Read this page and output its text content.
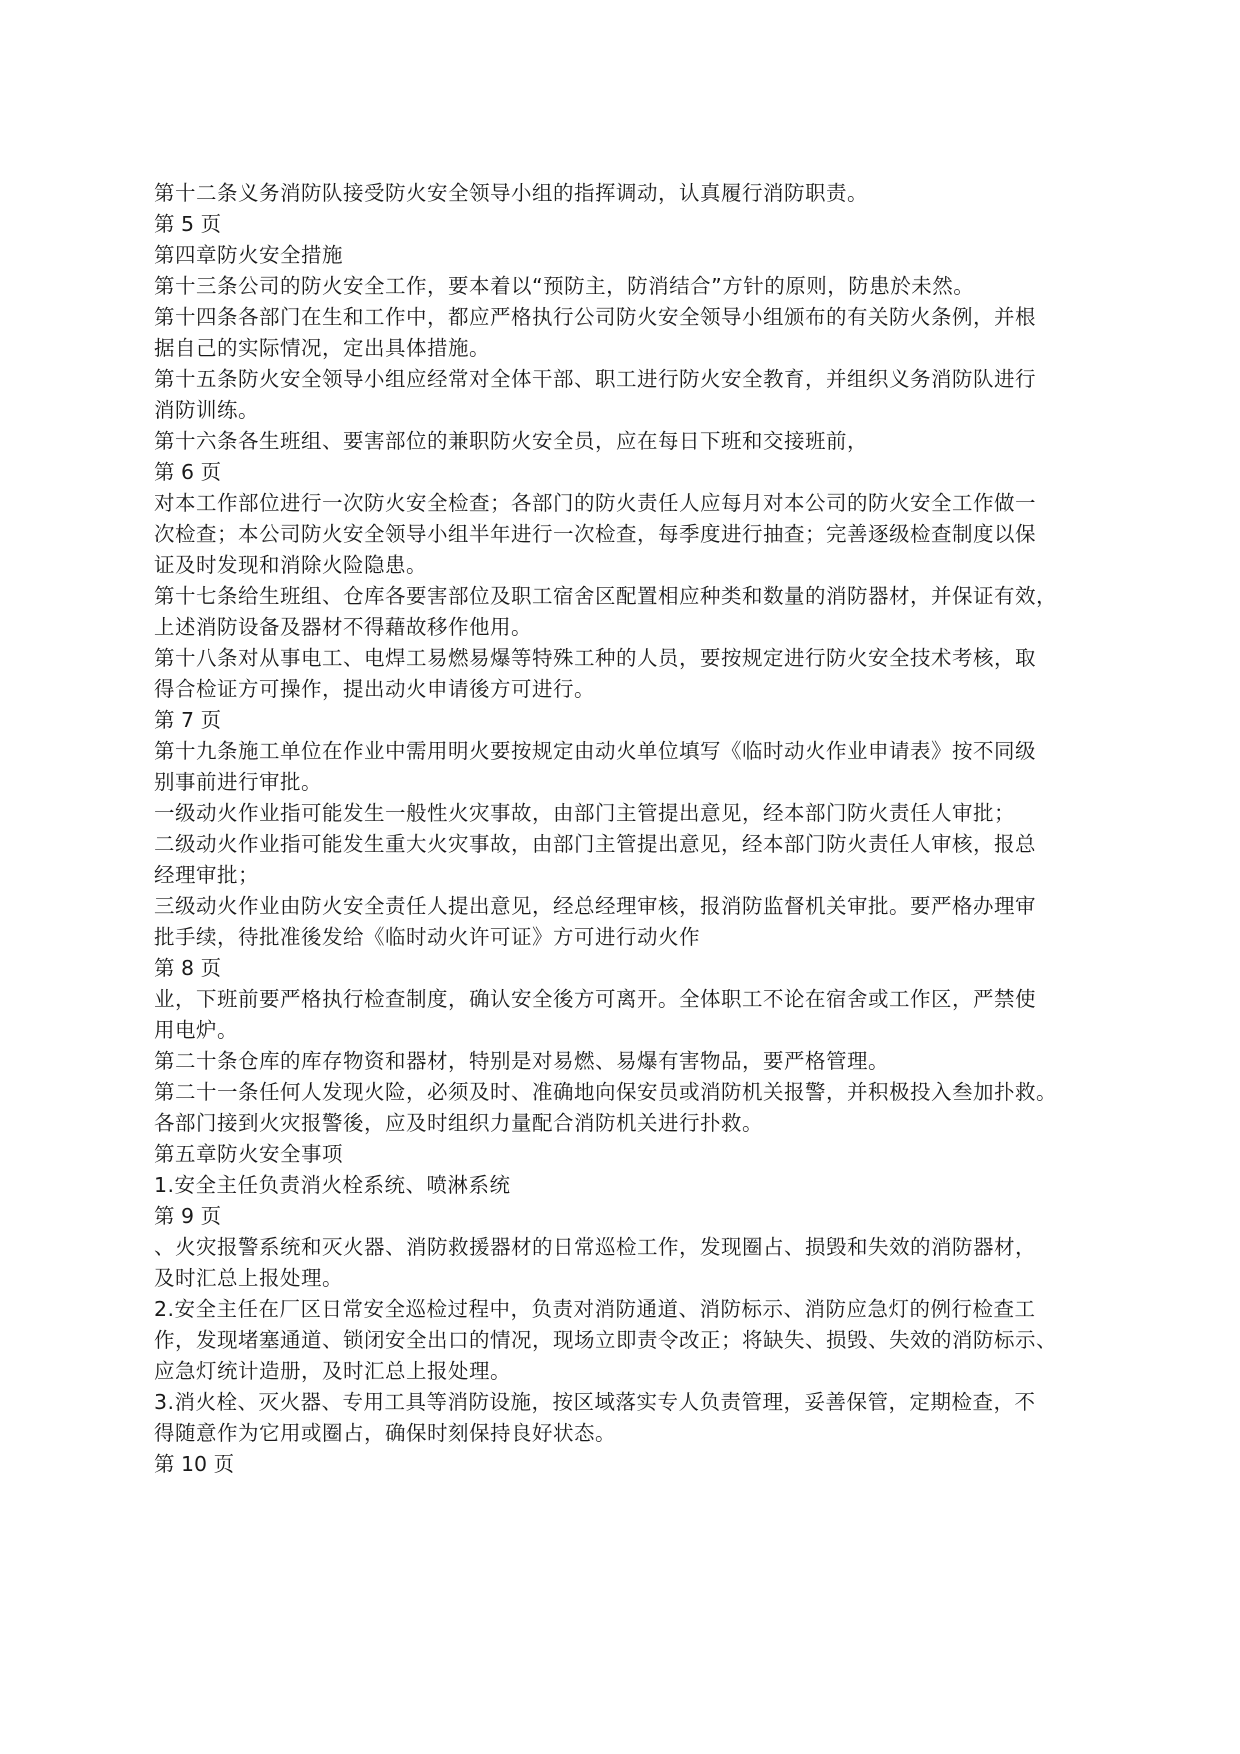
第十二条义务消防队接受防火安全领导小组的指挥调动，认真履行消防职责。
第 5 页
第四章防火安全措施
第十三条公司的防火安全工作，要本着以“预防主，防消结合”方针的原则，防患於未然。
第十四条各部门在生和工作中，都应严格执行公司防火安全领导小组颁布的有关防火条例，并根
据自己的实际情况，定出具体措施。
第十五条防火安全领导小组应经常对全体干部、职工进行防火安全教育，并组织义务消防队进行
消防训练。
第十六条各生班组、要害部位的兼职防火安全员，应在每日下班和交接班前，
第 6 页
对本工作部位进行一次防火安全检查；各部门的防火责任人应每月对本公司的防火安全工作做一
次检查；本公司防火安全领导小组半年进行一次检查，每季度进行抽查；完善逐级检查制度以保
证及时发现和消除火险隐患。
第十七条给生班组、仓库各要害部位及职工宿舍区配置相应种类和数量的消防器材，并保证有效，
上述消防设备及器材不得藉故移作他用。
第十八条对从事电工、电焊工易燃易爆等特殊工种的人员，要按规定进行防火安全技术考核，取
得合检证方可操作，提出动火申请後方可进行。
第 7 页
第十九条施工单位在作业中需用明火要按规定由动火单位填写《临时动火作业申请表》按不同级
别事前进行审批。
一级动火作业指可能发生一般性火灾事故，由部门主管提出意见，经本部门防火责任人审批；
二级动火作业指可能发生重大火灾事故，由部门主管提出意见，经本部门防火责任人审核，报总
经理审批；
三级动火作业由防火安全责任人提出意见，经总经理审核，报消防监督机关审批。要严格办理审
批手续，待批准後发给《临时动火许可证》方可进行动火作
第 8 页
业，下班前要严格执行检查制度，确认安全後方可离开。全体职工不论在宿舍或工作区，严禁使
用电炉。
第二十条仓库的库存物资和器材，特别是对易燃、易爆有害物品，要严格管理。
第二十一条任何人发现火险，必须及时、准确地向保安员或消防机关报警，并积极投入叁加扑救。
各部门接到火灾报警後，应及时组织力量配合消防机关进行扑救。
第五章防火安全事项
1.安全主任负责消火栓系统、喷淋系统
第 9 页
、火灾报警系统和灭火器、消防救援器材的日常巡检工作，发现圈占、损毁和失效的消防器材，
及时汇总上报处理。
2.安全主任在厂区日常安全巡检过程中，负责对消防通道、消防标示、消防应急灯的例行检查工
作，发现堵塞通道、锁闭安全出口的情况，现场立即责令改正；将缺失、损毁、失效的消防标示、
应急灯统计造册，及时汇总上报处理。
3.消火栓、灭火器、专用工具等消防设施，按区域落实专人负责管理，妥善保管，定期检查，不
得随意作为它用或圈占，确保时刻保持良好状态。
第 10 页
